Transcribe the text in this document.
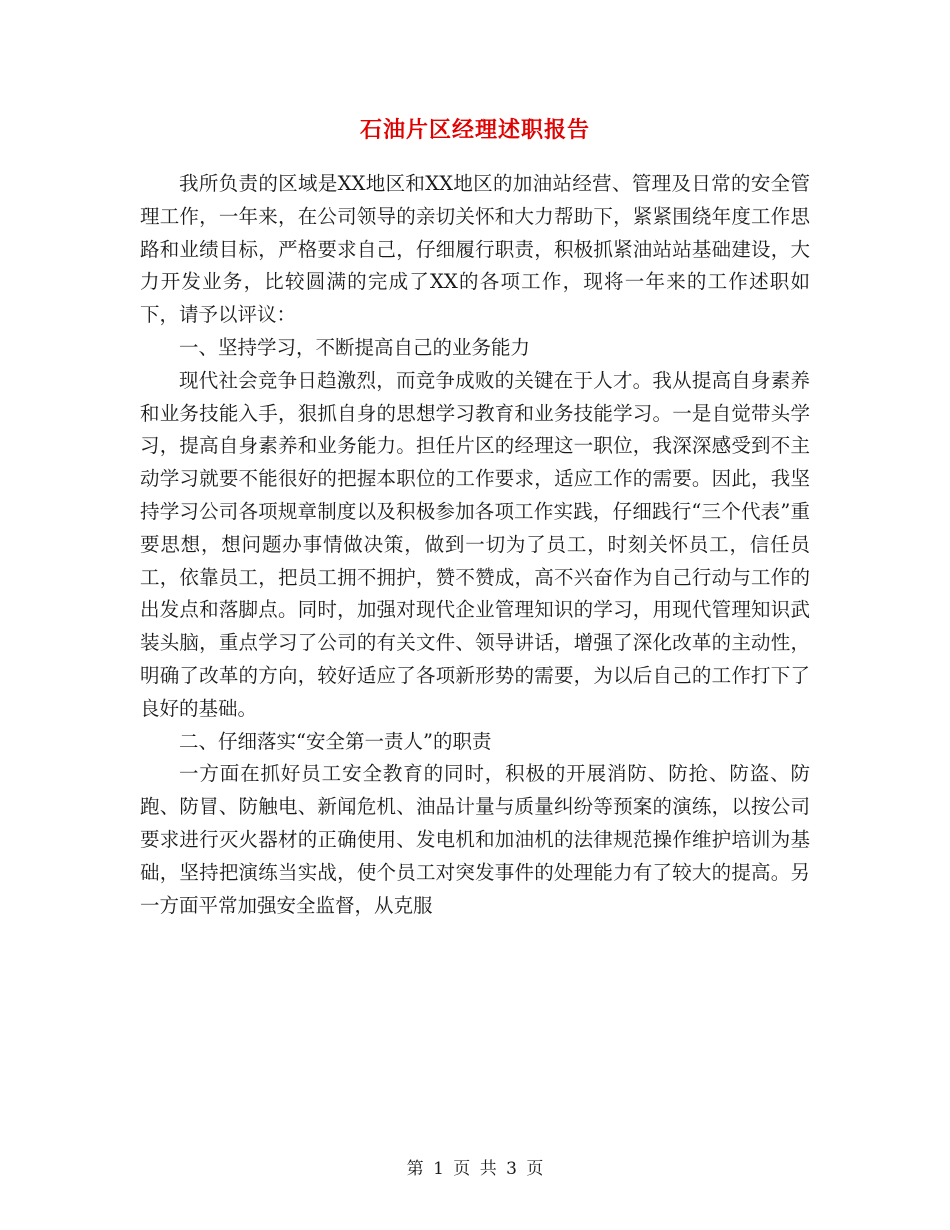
石油片区经理述职报告

我所负责的区域是XX地区和XX地区的加油站经营、管理及日常的安全管理工作，一年来，在公司领导的亲切关怀和大力帮助下，紧紧围绕年度工作思路和业绩目标，严格要求自己，仔细履行职责，积极抓紧油站站基础建设，大力开发业务，比较圆满的完成了XX的各项工作，现将一年来的工作述职如下，请予以评议：

一、坚持学习，不断提高自己的业务能力

现代社会竞争日趋激烈，而竞争成败的关键在于人才。我从提高自身素养和业务技能入手，狠抓自身的思想学习教育和业务技能学习。一是自觉带头学习，提高自身素养和业务能力。担任片区的经理这一职位，我深深感受到不主动学习就要不能很好的把握本职位的工作要求，适应工作的需要。因此，我坚持学习公司各项规章制度以及积极参加各项工作实践，仔细践行“三个代表”重要思想，想问题办事情做决策，做到一切为了员工，时刻关怀员工，信任员工，依靠员工，把员工拥不拥护，赞不赞成，高不兴奋作为自己行动与工作的出发点和落脚点。同时，加强对现代企业管理知识的学习，用现代管理知识武装头脑，重点学习了公司的有关文件、领导讲话，增强了深化改革的主动性，明确了改革的方向，较好适应了各项新形势的需要，为以后自己的工作打下了良好的基础。

二、仔细落实“安全第一责人”的职责

一方面在抓好员工安全教育的同时，积极的开展消防、防抢、防盗、防跑、防冒、防触电、新闻危机、油品计量与质量纠纷等预案的演练，以按公司要求进行灭火器材的正确使用、发电机和加油机的法律规范操作维护培训为基础，坚持把演练当实战，使个员工对突发事件的处理能力有了较大的提高。另一方面平常加强安全监督，从克服

第 1 页 共 3 页
